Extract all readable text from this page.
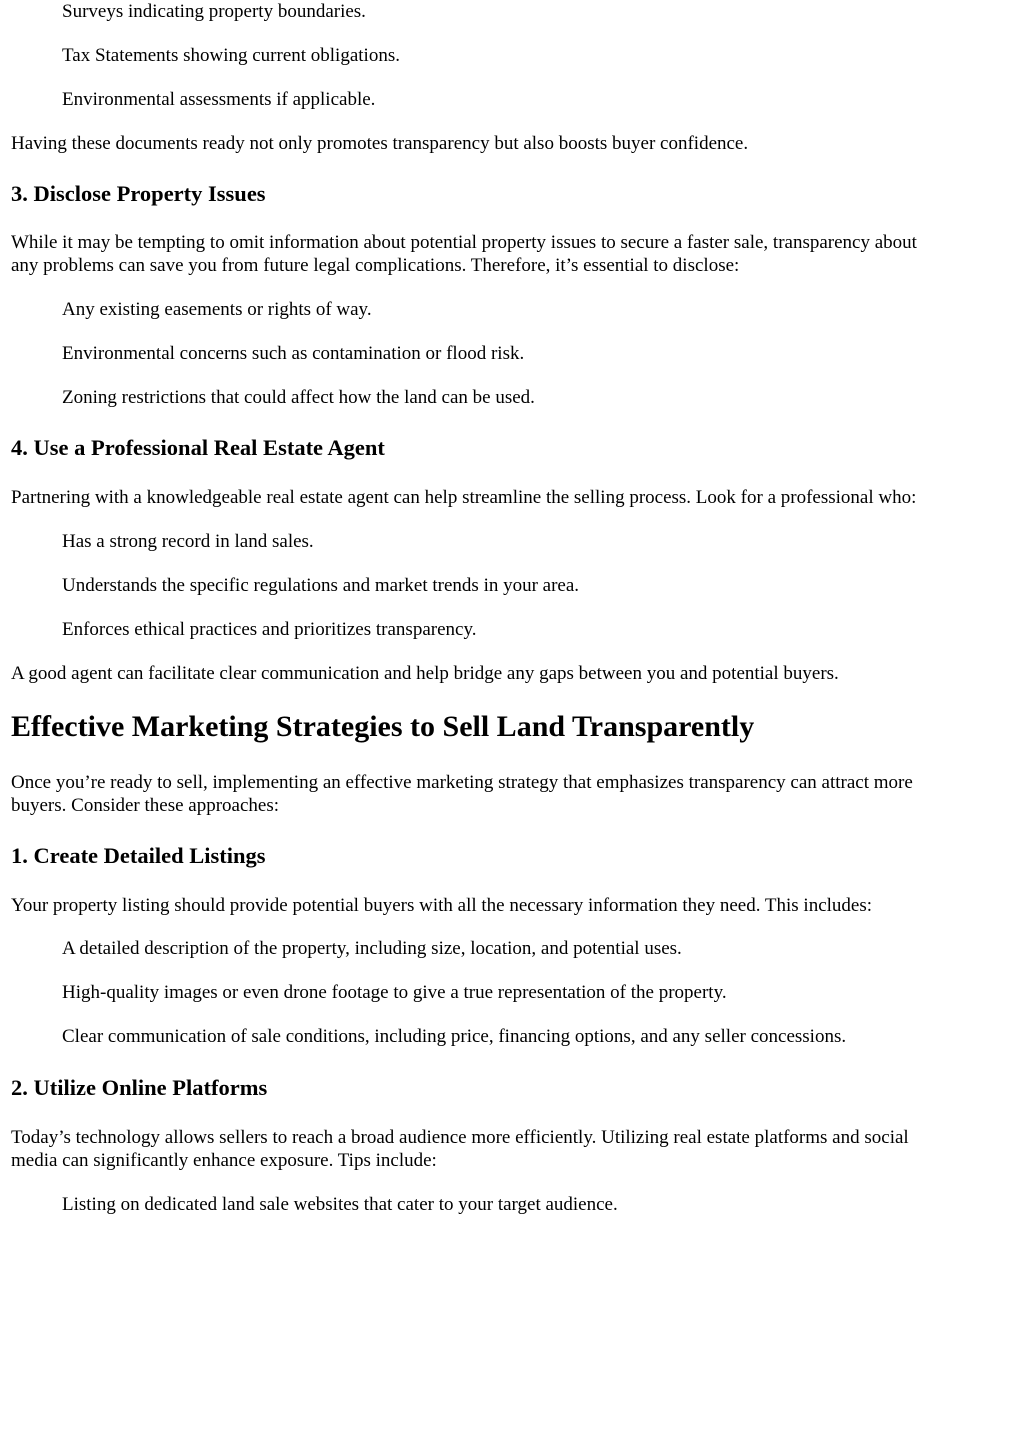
Surveys indicating property boundaries.
Tax Statements showing current obligations.
Environmental assessments if applicable.
Having these documents ready not only promotes transparency but also boosts buyer confidence.
3. Disclose Property Issues
While it may be tempting to omit information about potential property issues to secure a faster sale, transparency about
any problems can save you from future legal complications. Therefore, it’s essential to disclose:
Any existing easements or rights of way.
Environmental concerns such as contamination or flood risk.
Zoning restrictions that could affect how the land can be used.
4. Use a Professional Real Estate Agent
Partnering with a knowledgeable real estate agent can help streamline the selling process. Look for a professional who:
Has a strong record in land sales.
Understands the specific regulations and market trends in your area.
Enforces ethical practices and prioritizes transparency.
A good agent can facilitate clear communication and help bridge any gaps between you and potential buyers.
Effective Marketing Strategies to Sell Land Transparently
Once you’re ready to sell, implementing an effective marketing strategy that emphasizes transparency can attract more
buyers. Consider these approaches:
1. Create Detailed Listings
Your property listing should provide potential buyers with all the necessary information they need. This includes:
A detailed description of the property, including size, location, and potential uses.
High-quality images or even drone footage to give a true representation of the property.
Clear communication of sale conditions, including price, financing options, and any seller concessions.
2. Utilize Online Platforms
Today’s technology allows sellers to reach a broad audience more efficiently. Utilizing real estate platforms and social
media can significantly enhance exposure. Tips include:
Listing on dedicated land sale websites that cater to your target audience.
